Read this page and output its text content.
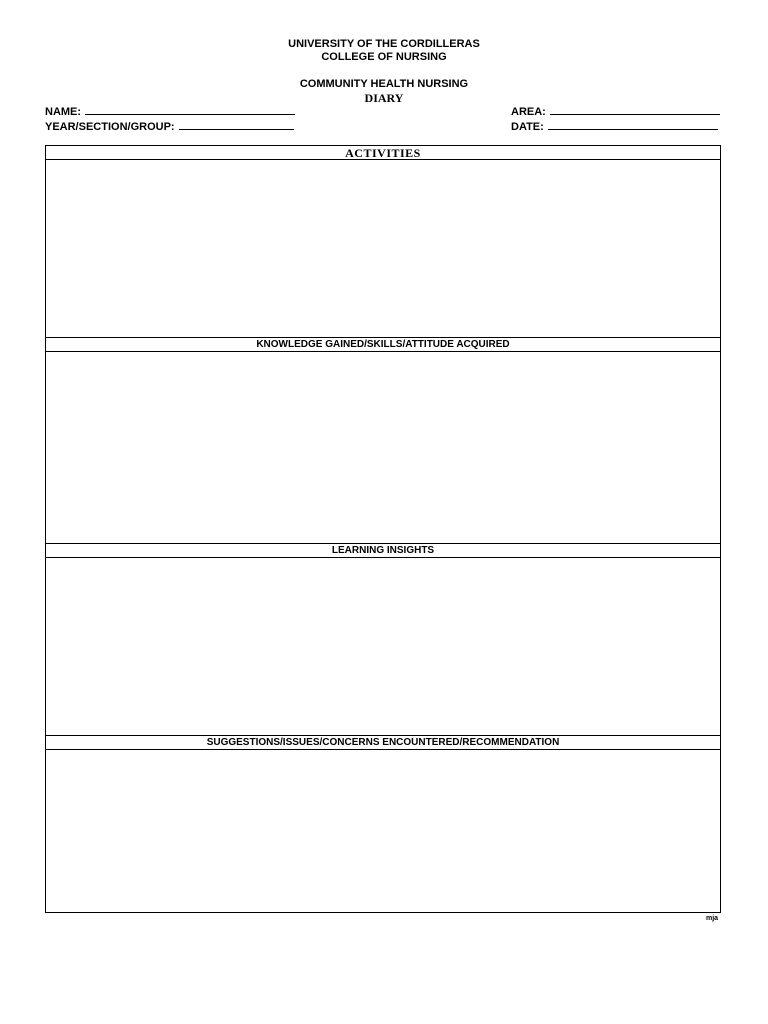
UNIVERSITY OF THE CORDILLERAS
COLLEGE OF NURSING
COMMUNITY HEALTH NURSING
DIARY
NAME:
YEAR/SECTION/GROUP:
AREA:
DATE:
ACTIVITIES
KNOWLEDGE GAINED/SKILLS/ATTITUDE ACQUIRED
LEARNING INSIGHTS
SUGGESTIONS/ISSUES/CONCERNS ENCOUNTERED/RECOMMENDATION
mja
